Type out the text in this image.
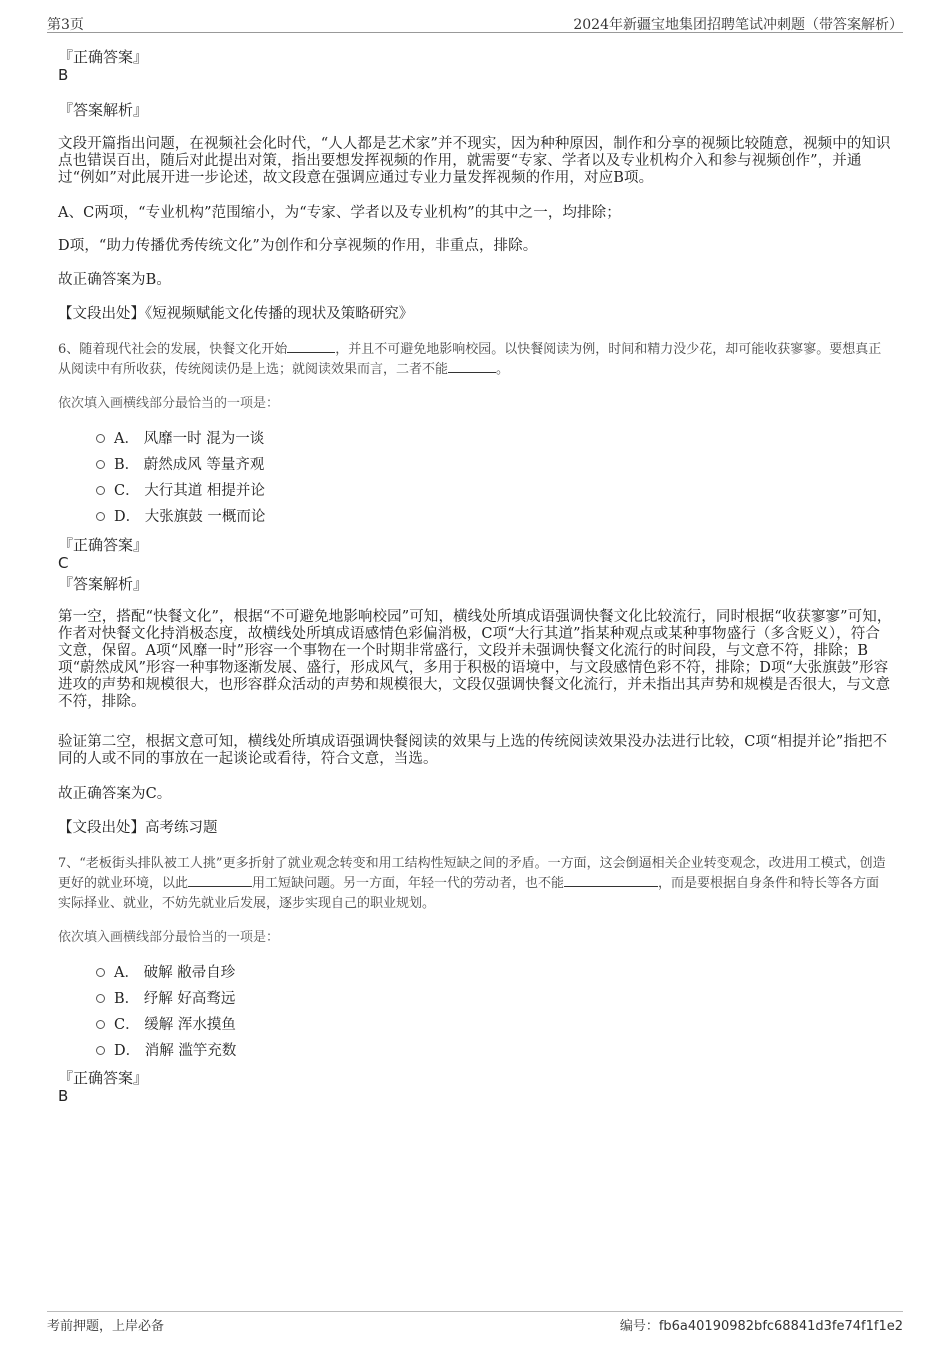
第3页	2024年新疆宝地集团招聘笔试冲刺题（带答案解析）
『正确答案』
B
『答案解析』
文段开篇指出问题，在视频社会化时代，“人人都是艺术家”并不现实，因为种种原因，制作和分享的视频比较随意，视频中的知识点也错误百出，随后对此提出对策，指出要想发挥视频的作用，就需要“专家、学者以及专业机构介入和参与视频创作”，并通过“例如”对此展开进一步论述，故文段意在强调应通过专业力量发挥视频的作用，对应B项。
A、C两项，“专业机构”范围缩小，为“专家、学者以及专业机构”的其中之一，均排除；
D项，“助力传播优秀传统文化”为创作和分享视频的作用，非重点，排除。
故正确答案为B。
【文段出处】《短视频赋能文化传播的现状及策略研究》
6、随着现代社会的发展，快餐文化开始	，并且不可避免地影响校园。以快餐阅读为例，时间和精力没少花，却可能收获寥寥。要想真正从阅读中有所收获，传统阅读仍是上选；就阅读效果而言，二者不能	。
依次填入画横线部分最恰当的一项是：
A． 风靡一时 混为一谈
B． 蔚然成风 等量齐观
C． 大行其道 相提并论
D． 大张旗鼓 一概而论
『正确答案』
C
『答案解析』
第一空，搭配“快餐文化”，根据“不可避免地影响校园”可知，横线处所填成语强调快餐文化比较流行，同时根据“收获寥寥”可知，作者对快餐文化持消极态度，故横线处所填成语感情色彩偏消极，C项“大行其道”指某种观点或某种事物盛行（多含贬义），符合文意，保留。A项“风靡一时”形容一个事物在一个时期非常盛行，文段并未强调快餐文化流行的时间段，与文意不符，排除；B项“蔚然成风”形容一种事物逐渐发展、盛行，形成风气，多用于积极的语境中，与文段感情色彩不符，排除；D项“大张旗鼓”形容进攻的声势和规模很大，也形容群众活动的声势和规模很大，文段仅强调快餐文化流行，并未指出其声势和规模是否很大，与文意不符，排除。
验证第二空，根据文意可知，横线处所填成语强调快餐阅读的效果与上选的传统阅读效果没办法进行比较，C项“相提并论”指把不同的人或不同的事放在一起谈论或看待，符合文意，当选。
故正确答案为C。
【文段出处】高考练习题
7、“老板街头排队被工人挑”更多折射了就业观念转变和用工结构性短缺之间的矛盾。一方面，这会倒逼相关企业转变观念，改进用工模式，创造更好的就业环境，以此	用工短缺问题。另一方面，年轻一代的劳动者，也不能	，而是要根据自身条件和特长等各方面实际择业、就业，不妨先就业后发展，逐步实现自己的职业规划。
依次填入画横线部分最恰当的一项是：
A． 破解 敝帚自珍
B． 纾解 好高骛远
C． 缓解 浑水摸鱼
D． 消解 滥竽充数
『正确答案』
B
考前押题，上岸必备	编号：fb6a40190982bfc68841d3fe74f1f1e2
